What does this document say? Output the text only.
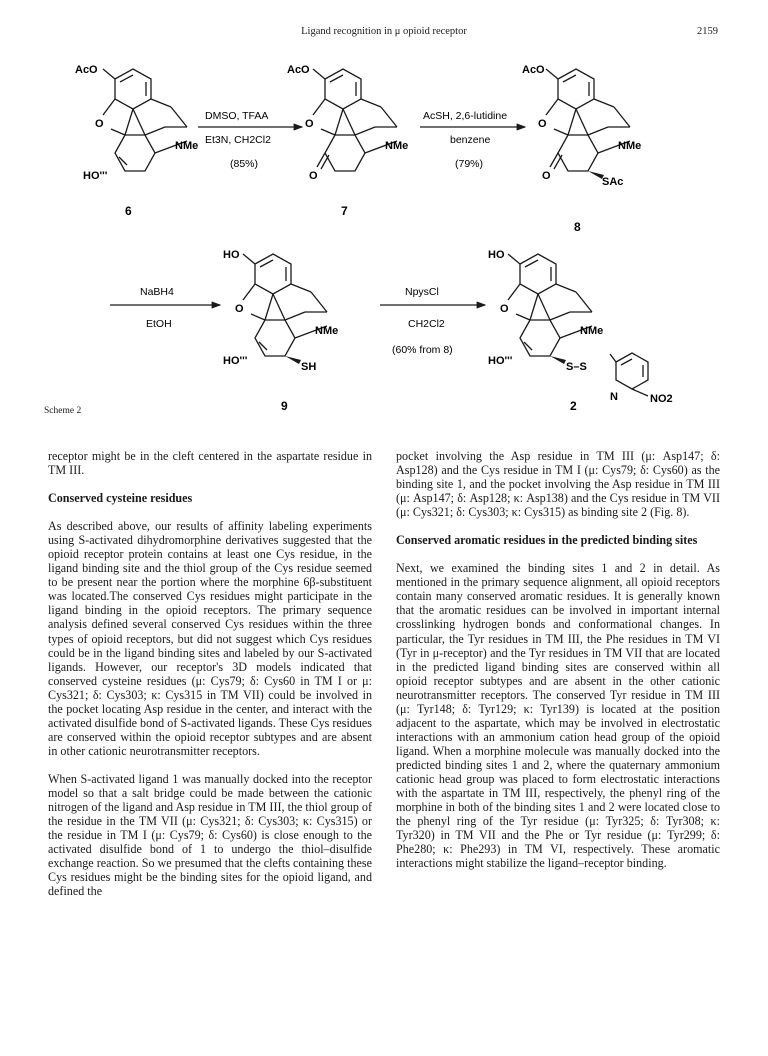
Ligand recognition in μ opioid receptor	2159
AcO
O
NMe
HO'''
6
DMSO, TFAA
Et3N, CH2Cl2
(85%)
AcO
O
NMe
O
7
AcSH, 2,6-lutidine
benzene
(79%)
AcO
O
NMe
O	SAc
8
NaBH4
EtOH
HO
O
NMe
HO'''	SH
9
NpysCl
CH2Cl2
(60% from 8)
HO
O
NMe
HO'''	S–S
N	NO2
2
Scheme 2

receptor might be in the cleft centered in the aspartate residue in TM III.

Conserved cysteine residues

As described above, our results of affinity labeling experiments using S-activated dihydromorphine derivatives suggested that the opioid receptor protein contains at least one Cys residue, in the ligand binding site and the thiol group of the Cys residue seemed to be present near the portion where the morphine 6β-substituent was located.The conserved Cys residues might participate in the ligand binding in the opioid receptors. The primary sequence analysis defined several conserved Cys residues within the three types of opioid receptors, but did not suggest which Cys residues could be in the ligand binding sites and labeled by our S-activated ligands. However, our receptor's 3D models indicated that conserved cysteine residues (μ: Cys79; δ: Cys60 in TM I or μ: Cys321; δ: Cys303; κ: Cys315 in TM VII) could be involved in the pocket locating Asp residue in the center, and interact with the activated disulfide bond of S-activated ligands. These Cys residues are conserved within the opioid receptor subtypes and are absent in other cationic neurotransmitter receptors.

When S-activated ligand 1 was manually docked into the receptor model so that a salt bridge could be made between the cationic nitrogen of the ligand and Asp residue in TM III, the thiol group of the residue in the TM VII (μ: Cys321; δ: Cys303; κ: Cys315) or the residue in TM I (μ: Cys79; δ: Cys60) is close enough to the activated disulfide bond of 1 to undergo the thiol–disulfide exchange reaction. So we presumed that the clefts containing these Cys residues might be the binding sites for the opioid ligand, and defined the

pocket involving the Asp residue in TM III (μ: Asp147; δ: Asp128) and the Cys residue in TM I (μ: Cys79; δ: Cys60) as the binding site 1, and the pocket involving the Asp residue in TM III (μ: Asp147; δ: Asp128; κ: Asp138) and the Cys residue in TM VII (μ: Cys321; δ: Cys303; κ: Cys315) as binding site 2 (Fig. 8).

Conserved aromatic residues in the predicted binding sites

Next, we examined the binding sites 1 and 2 in detail. As mentioned in the primary sequence alignment, all opioid receptors contain many conserved aromatic residues. It is generally known that the aromatic residues can be involved in important internal crosslinking hydrogen bonds and conformational changes. In particular, the Tyr residues in TM III, the Phe residues in TM VI (Tyr in μ-receptor) and the Tyr residues in TM VII that are located in the predicted ligand binding sites are conserved within all opioid receptor subtypes and are absent in the other cationic neurotransmitter receptors. The conserved Tyr residue in TM III (μ: Tyr148; δ: Tyr129; κ: Tyr139) is located at the position adjacent to the aspartate, which may be involved in electrostatic interactions with an ammonium cation head group of the opioid ligand. When a morphine molecule was manually docked into the predicted binding sites 1 and 2, where the quaternary ammonium cationic head group was placed to form electrostatic interactions with the aspartate in TM III, respectively, the phenyl ring of the morphine in both of the binding sites 1 and 2 were located close to the phenyl ring of the Tyr residue (μ: Tyr325; δ: Tyr308; κ: Tyr320) in TM VII and the Phe or Tyr residue (μ: Tyr299; δ: Phe280; κ: Phe293) in TM VI, respectively. These aromatic interactions might stabilize the ligand–receptor binding.
